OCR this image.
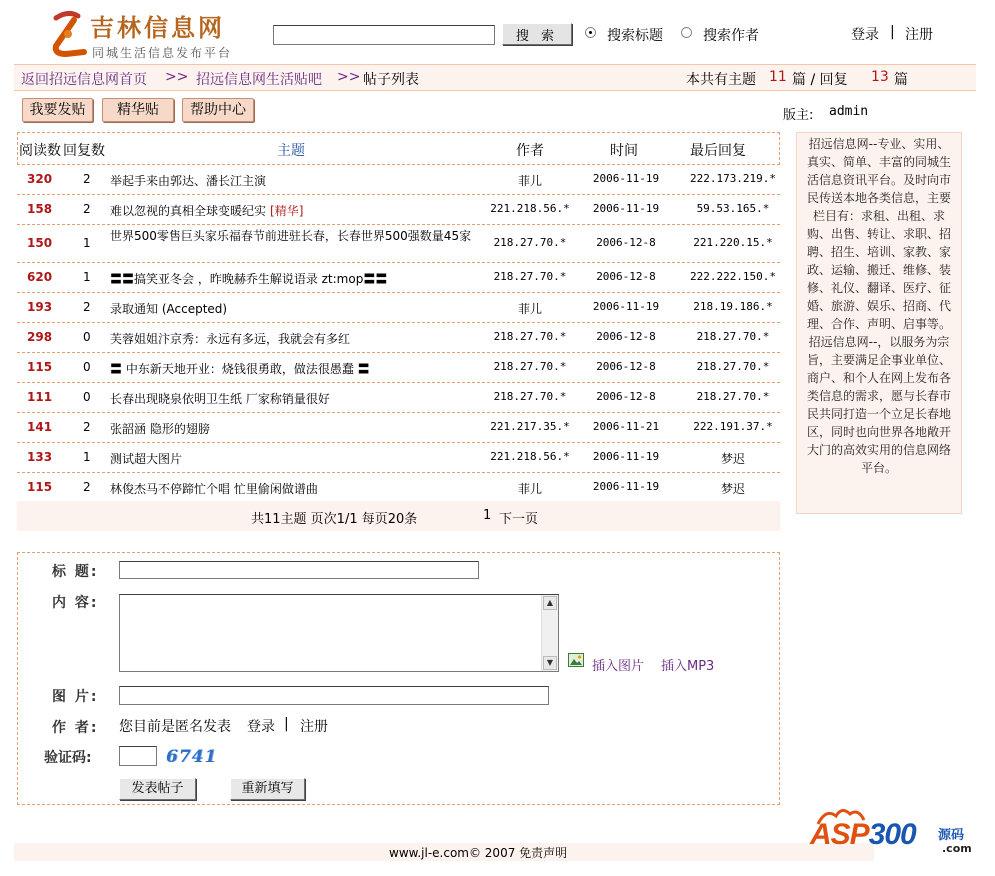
吉林信息网
同城生活信息发布平台
搜 索	搜索标题	搜索作者	登录 | 注册
返回招远信息网首页 >> 招远信息网生活贴吧 >> 帖子列表	本共有主题 11 篇 / 回复 13 篇
我要发贴	精华贴	帮助中心	版主: admin
阅读数 回复数	主题	作者	时间	最后回复
320	2 举起手来由郭达、潘长江主演	菲儿	2006-11-19	222.173.219.*
158	2 难以忽视的真相全球变暖纪实 [精华]	221.218.56.*	2006-11-19	59.53.165.*
150	1 世界500零售巨头家乐福春节前进驻长春，长春世界500强数量45家	218.27.70.*	2006-12-8	221.220.15.*
620	1 〓〓搞笑亚冬会 ，昨晚赫乔生解说语录 zt:mop〓〓	218.27.70.*	2006-12-8	222.222.150.*
193	2 录取通知 (Accepted)	菲儿	2006-11-19	218.19.186.*
298	0 芙蓉姐姐汴京秀：永远有多远，我就会有多红	218.27.70.*	2006-12-8	218.27.70.*
115	0 〓 中东新天地开业：烧钱很勇敢，做法很愚蠢 〓	218.27.70.*	2006-12-8	218.27.70.*
111	0 长春出现晓泉依明卫生纸 厂家称销量很好	218.27.70.*	2006-12-8	218.27.70.*
141	2 张韶涵 隐形的翅膀	221.217.35.*	2006-11-21	222.191.37.*
133	1 测试超大图片	221.218.56.*	2006-11-19	梦迟
115	2 林俊杰马不停蹄忙个唱 忙里偷闲做谱曲	菲儿	2006-11-19	梦迟
共11主题 页次1/1 每页20条	1 下一页
招远信息网--专业、实用、真实、简单、丰富的同城生活信息资讯平台。及时向市民传送本地各类信息，主要栏目有：求租、出租、求购、出售、转让、求职、招聘、招生、培训、家教、家政、运输、搬迁、维修、装修、礼仪、翻译、医疗、征婚、旅游、娱乐、招商、代理、合作、声明、启事等。招远信息网--，以服务为宗旨，主要满足企事业单位、商户、和个人在网上发布各类信息的需求，愿与长春市民共同打造一个立足长春地区，同时也向世界各地敞开大门的高效实用的信息网络平台。
标 题:
内 容:	▲
▼	插入图片 插入MP3
图 片:
作 者: 您目前是匿名发表 登录 | 注册
验证码:	6741
发表帖子	重新填写
www.jl-e.com© 2007 免责声明
ASP300 源码
.com
